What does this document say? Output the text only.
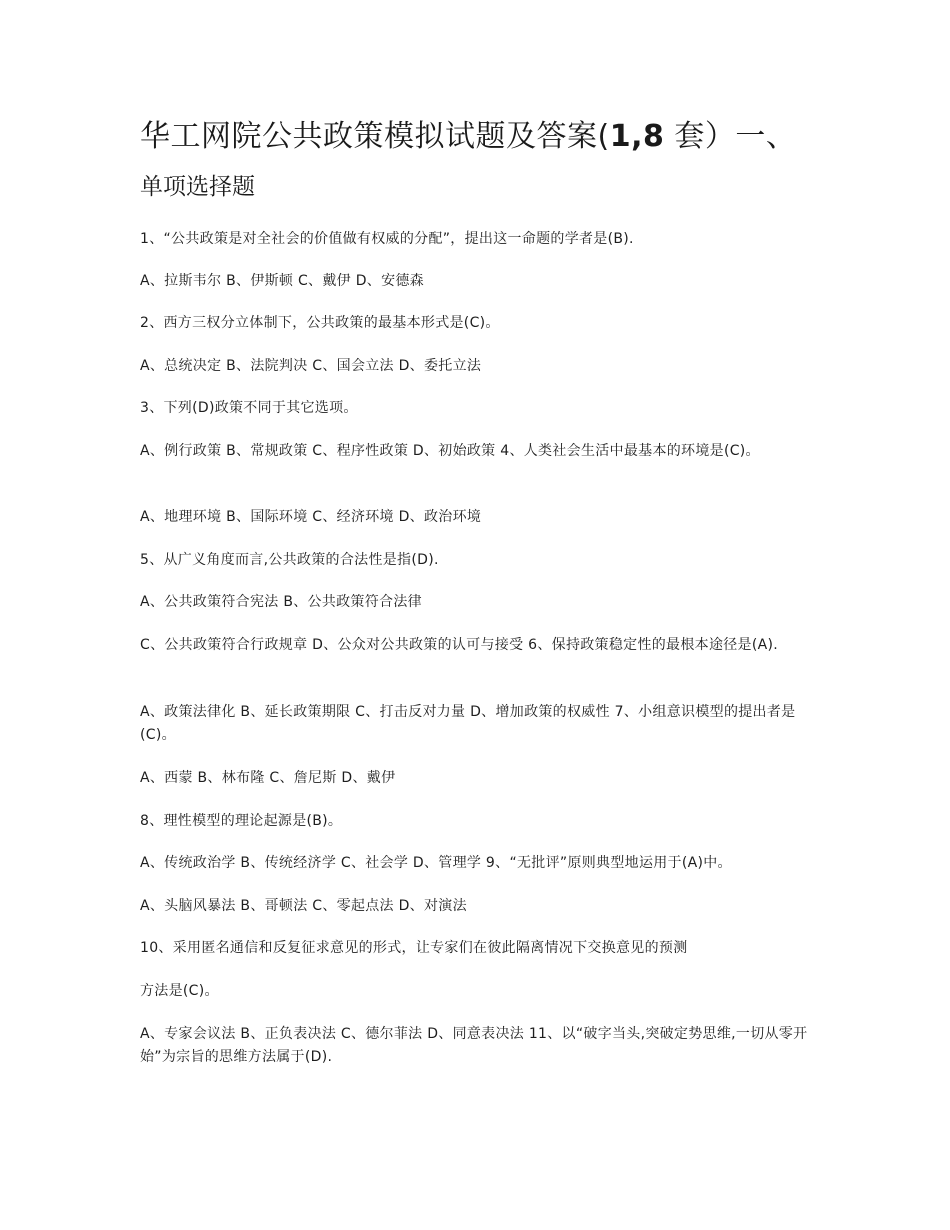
华工网院公共政策模拟试题及答案(1,8 套）一、
单项选择题
1、“公共政策是对全社会的价值做有权威的分配”，提出这一命题的学者是(B).
A、拉斯韦尔 B、伊斯顿 C、戴伊 D、安德森
2、西方三权分立体制下，公共政策的最基本形式是(C)。
A、总统决定 B、法院判决 C、国会立法 D、委托立法
3、下列(D)政策不同于其它选项。
A、例行政策 B、常规政策 C、程序性政策 D、初始政策 4、人类社会生活中最基本的环境是(C)。
A、地理环境 B、国际环境 C、经济环境 D、政治环境
5、从广义角度而言,公共政策的合法性是指(D).
A、公共政策符合宪法 B、公共政策符合法律
C、公共政策符合行政规章 D、公众对公共政策的认可与接受 6、保持政策稳定性的最根本途径是(A).
A、政策法律化 B、延长政策期限 C、打击反对力量 D、增加政策的权威性 7、小组意识模型的提出者是(C)。
A、西蒙 B、林布隆 C、詹尼斯 D、戴伊
8、理性模型的理论起源是(B)。
A、传统政治学 B、传统经济学 C、社会学 D、管理学 9、“无批评”原则典型地运用于(A)中。
A、头脑风暴法 B、哥顿法 C、零起点法 D、对演法
10、采用匿名通信和反复征求意见的形式，让专家们在彼此隔离情况下交换意见的预测
方法是(C)。
A、专家会议法 B、正负表决法 C、德尔菲法 D、同意表决法 11、以“破字当头,突破定势思维,一切从零开始”为宗旨的思维方法属于(D).
